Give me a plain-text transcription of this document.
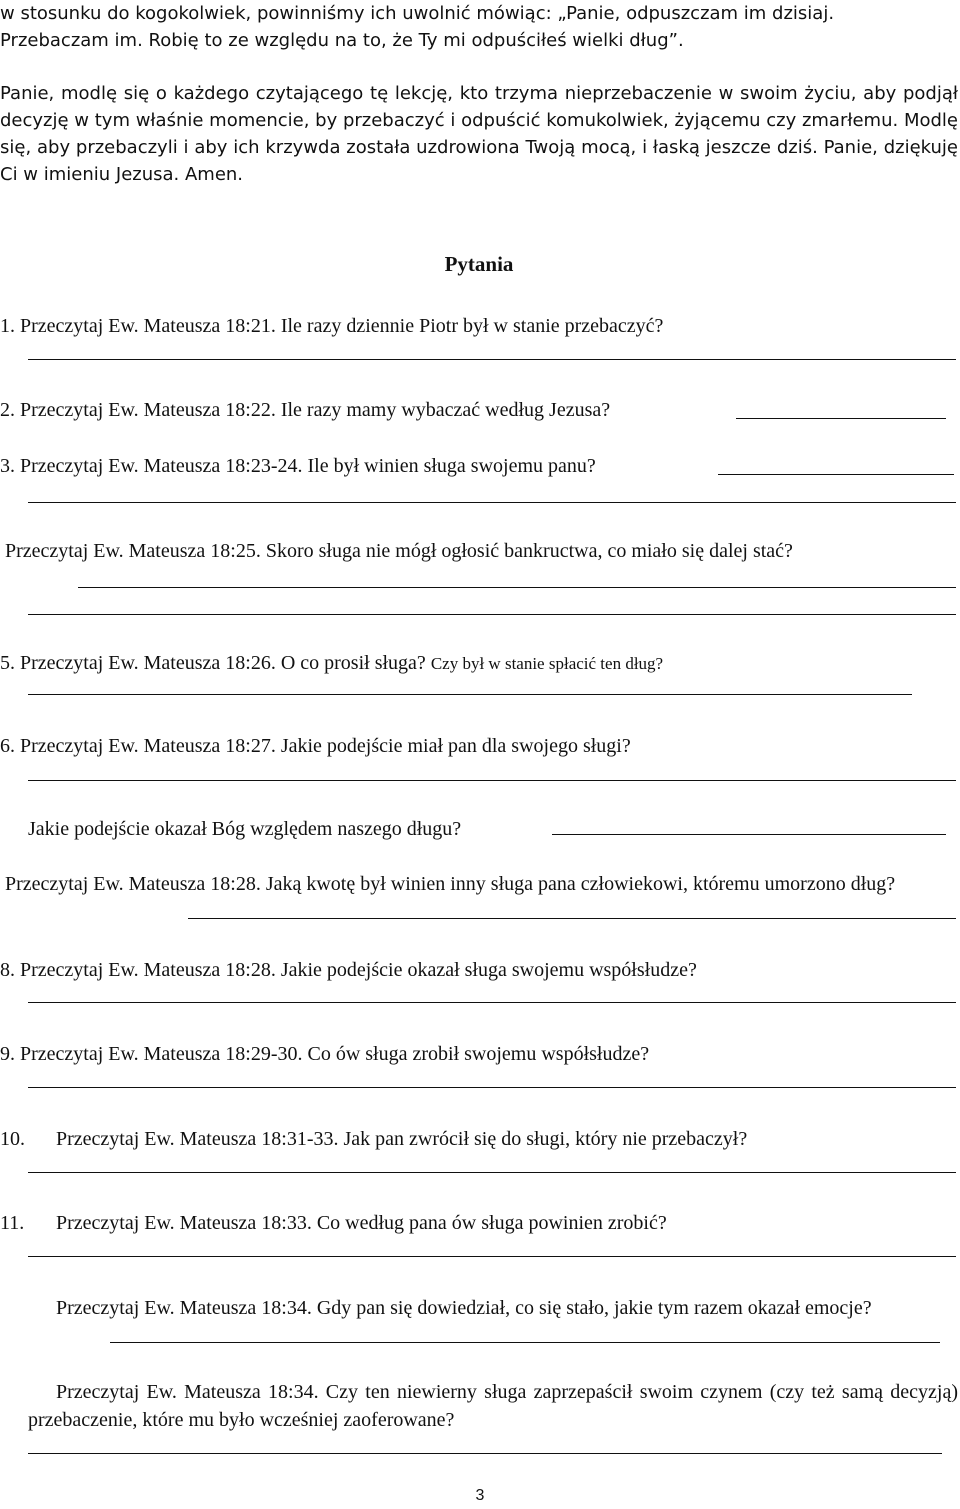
w stosunku do kogokolwiek, powinniśmy ich uwolnić mówiąc: „Panie, odpuszczam im dzisiaj.
Przebaczam im. Robię to ze względu na to, że Ty mi odpuściłeś wielki dług”.

Panie, modlę się o każdego czytającego tę lekcję, kto trzyma nieprzebaczenie w swoim życiu, aby podjął decyzję w tym właśnie momencie, by przebaczyć i odpuścić komukolwiek, żyjącemu czy zmarłemu. Modlę się, aby przebaczyli i aby ich krzywda została uzdrowiona Twoją mocą, i łaską jeszcze dziś. Panie, dziękuję Ci w imieniu Jezusa. Amen.

Pytania
1. Przeczytaj Ew. Mateusza 18:21. Ile razy dziennie Piotr był w stanie przebaczyć?
2. Przeczytaj Ew. Mateusza 18:22. Ile razy mamy wybaczać według Jezusa?
3. Przeczytaj Ew. Mateusza 18:23-24. Ile był winien sługa swojemu panu?
Przeczytaj Ew. Mateusza 18:25. Skoro sługa nie mógł ogłosić bankructwa, co miało się dalej stać?
5. Przeczytaj Ew. Mateusza 18:26. O co prosił sługa? Czy był w stanie spłacić ten dług?
6. Przeczytaj Ew. Mateusza 18:27. Jakie podejście miał pan dla swojego sługi?
Jakie podejście okazał Bóg względem naszego długu?
Przeczytaj Ew. Mateusza 18:28. Jaką kwotę był winien inny sługa pana człowiekowi, któremu umorzono dług?
8. Przeczytaj Ew. Mateusza 18:28. Jakie podejście okazał sługa swojemu współsłudze?
9. Przeczytaj Ew. Mateusza 18:29-30. Co ów sługa zrobił swojemu współsłudze?
10. Przeczytaj Ew. Mateusza 18:31-33. Jak pan zwrócił się do sługi, który nie przebaczył?
11. Przeczytaj Ew. Mateusza 18:33. Co według pana ów sługa powinien zrobić?
Przeczytaj Ew. Mateusza 18:34. Gdy pan się dowiedział, co się stało, jakie tym razem okazał emocje?
Przeczytaj Ew. Mateusza 18:34. Czy ten niewierny sługa zaprzepaścił swoim czynem (czy też samą decyzją) przebaczenie, które mu było wcześniej zaoferowane?
3
